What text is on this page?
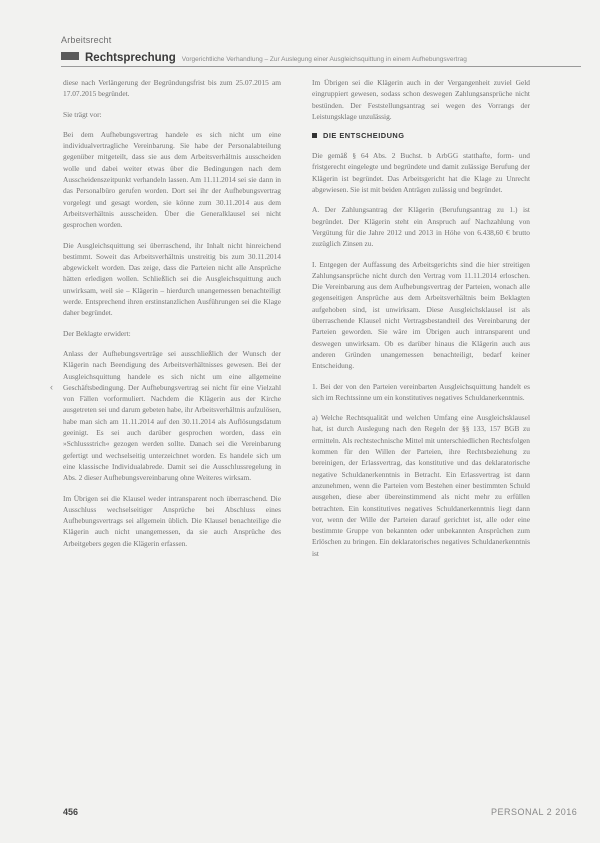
Arbeitsrecht
Rechtsprechung Vorgerichtliche Verhandlung – Zur Auslegung einer Ausgleichsquittung in einem Aufhebungsvertrag
‹

diese nach Verlängerung der Begründungsfrist bis zum 25.07.2015 am 17.07.2015 begründet.

Sie trägt vor:

Bei dem Aufhebungsvertrag handele es sich nicht um eine individualvertragliche Vereinbarung. Sie habe der Personalabteilung gegenüber mitgeteilt, dass sie aus dem Arbeitsverhältnis ausscheiden wolle und dabei weiter etwas über die Bedingungen nach dem Ausscheidenszeitpunkt verhandeln lassen. Am 11.11.2014 sei sie dann in das Personalbüro gerufen worden. Dort sei ihr der Aufhebungsvertrag vorgelegt und gesagt worden, sie könne zum 30.11.2014 aus dem Arbeitsverhältnis ausscheiden. Über die Generalklausel sei nicht gesprochen worden.

Die Ausgleichsquittung sei überraschend, ihr Inhalt nicht hinreichend bestimmt. Soweit das Arbeitsverhältnis unstreitig bis zum 30.11.2014 abgewickelt worden. Das zeige, dass die Parteien nicht alle Ansprüche hätten erledigen wollen. Schließlich sei die Ausgleichsquittung auch unwirksam, weil sie – Klägerin – hierdurch unangemessen benachteiligt werde. Entsprechend ihren erstinstanzlichen Ausführungen sei die Klage daher begründet.

Der Beklagte erwidert:

Anlass der Aufhebungsverträge sei ausschließlich der Wunsch der Klägerin nach Beendigung des Arbeitsverhältnisses gewesen. Bei der Ausgleichsquittung handele es sich nicht um eine allgemeine Geschäftsbedingung. Der Aufhebungsvertrag sei nicht für eine Vielzahl von Fällen vorformuliert. Nachdem die Klägerin aus der Kirche ausgetreten sei und darum gebeten habe, ihr Arbeitsverhältnis aufzulösen, habe man sich am 11.11.2014 auf den 30.11.2014 als Auflösungsdatum geeinigt. Es sei auch darüber gesprochen worden, dass ein »Schlussstrich« gezogen werden sollte. Danach sei die Vereinbarung gefertigt und wechselseitig unterzeichnet worden. Es handele sich um eine klassische Individualabrede. Damit sei die Ausschlussregelung in Abs. 2 dieser Aufhebungsvereinbarung ohne Weiteres wirksam.

Im Übrigen sei die Klausel weder intransparent noch überraschend. Die Ausschluss wechselseitiger Ansprüche bei Abschluss eines Aufhebungsvertrags sei allgemein üblich. Die Klausel benachteilige die Klägerin auch nicht unangemessen, da sie auch Ansprüche des Arbeitgebers gegen die Klägerin erfassen.

Im Übrigen sei die Klägerin auch in der Vergangenheit zuviel Geld eingruppiert gewesen, sodass schon deswegen Zahlungsansprüche nicht bestünden. Der Feststellungsantrag sei wegen des Vorrangs der Leistungsklage unzulässig.

DIE ENTSCHEIDUNG

Die gemäß § 64 Abs. 2 Buchst. b ArbGG statthafte, form- und fristgerecht eingelegte und begründete und damit zulässige Berufung der Klägerin ist begründet. Das Arbeitsgericht hat die Klage zu Unrecht abgewiesen. Sie ist mit beiden Anträgen zulässig und begründet.

A. Der Zahlungsantrag der Klägerin (Berufungsantrag zu 1.) ist begründet. Der Klägerin steht ein Anspruch auf Nachzahlung von Vergütung für die Jahre 2012 und 2013 in Höhe von 6.438,60 € brutto zuzüglich Zinsen zu.

I. Entgegen der Auffassung des Arbeitsgerichts sind die hier streitigen Zahlungsansprüche nicht durch den Vertrag vom 11.11.2014 erloschen. Die Vereinbarung aus dem Aufhebungsvertrag der Parteien, wonach alle gegenseitigen Ansprüche aus dem Arbeitsverhältnis beim Beklagten aufgehoben sind, ist unwirksam. Diese Ausgleichsklausel ist als überraschende Klausel nicht Vertragsbestandteil des Vereinbarung der Parteien geworden. Sie wäre im Übrigen auch intransparent und deswegen unwirksam. Ob es darüber hinaus die Klägerin auch aus anderen Gründen unangemessen benachteiligt, bedarf keiner Entscheidung.

1. Bei der von den Parteien vereinbarten Ausgleichsquittung handelt es sich im Rechtssinne um ein konstitutives negatives Schuldanerkenntnis.

a) Welche Rechtsqualität und welchen Umfang eine Ausgleichsklausel hat, ist durch Auslegung nach den Regeln der §§ 133, 157 BGB zu ermitteln. Als rechtstechnische Mittel mit unterschiedlichen Rechtsfolgen kommen für den Willen der Parteien, ihre Rechtsbeziehung zu bereinigen, der Erlassvertrag, das konstitutive und das deklaratorische negative Schuldanerkenntnis in Betracht. Ein Erlassvertrag ist dann anzunehmen, wenn die Parteien vom Bestehen einer bestimmten Schuld ausgehen, diese aber übereinstimmend als nicht mehr zu erfüllen betrachten. Ein konstitutives negatives Schuldanerkenntnis liegt dann vor, wenn der Wille der Parteien darauf gerichtet ist, alle oder eine bestimmte Gruppe von bekannten oder unbekannten Ansprüchen zum Erlöschen zu bringen. Ein deklaratorisches negatives Schuldanerkenntnis ist

456	PERSONAL 2 2016
